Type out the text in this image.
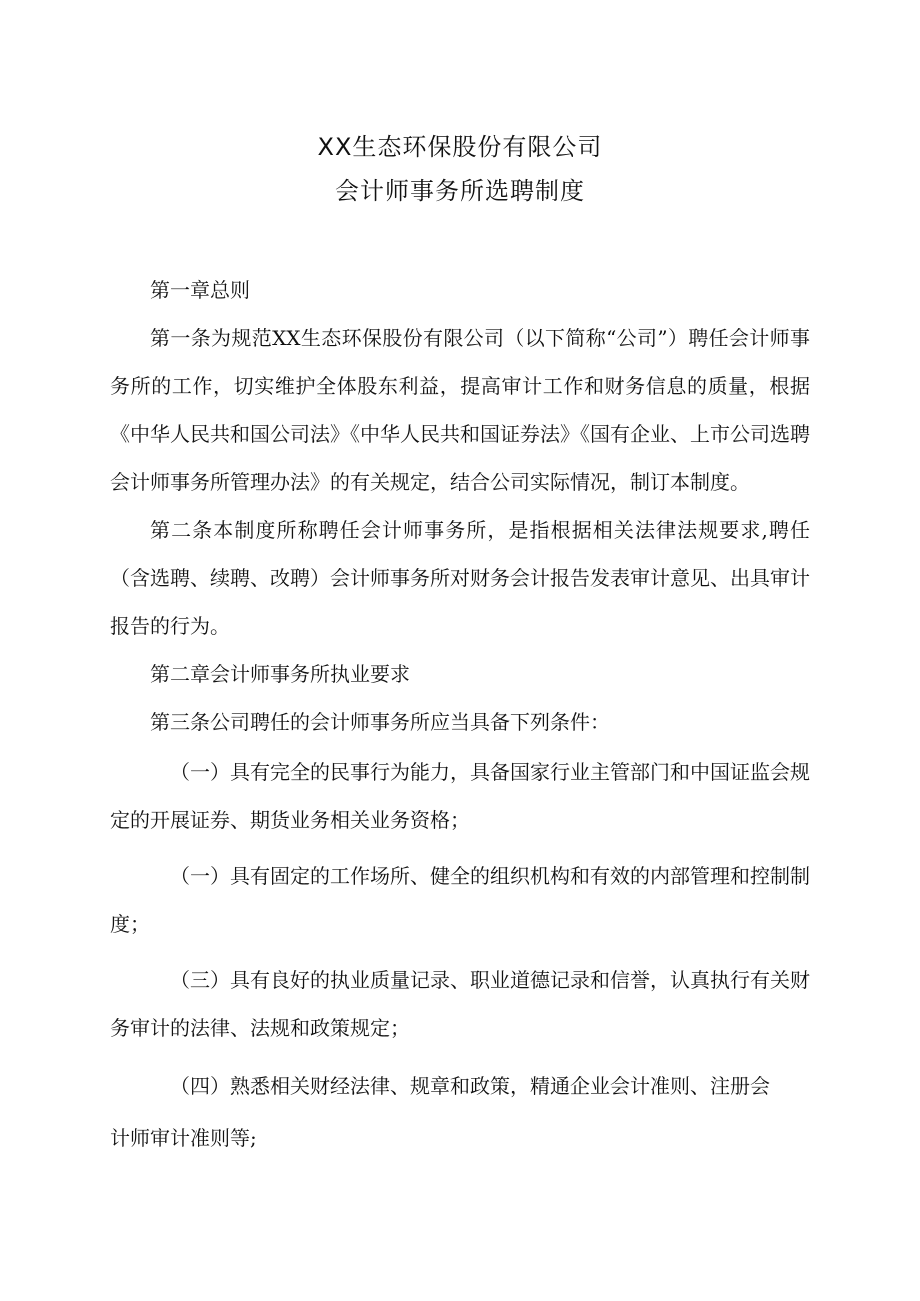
XX生态环保股份有限公司
会计师事务所选聘制度
第一章总则
第一条为规范XX生态环保股份有限公司（以下简称“公司”）聘任会计师事务所的工作，切实维护全体股东利益，提高审计工作和财务信息的质量，根据《中华人民共和国公司法》《中华人民共和国证券法》《国有企业、上市公司选聘会计师事务所管理办法》的有关规定，结合公司实际情况，制订本制度。
第二条本制度所称聘任会计师事务所，是指根据相关法律法规要求,聘任（含选聘、续聘、改聘）会计师事务所对财务会计报告发表审计意见、出具审计报告的行为。
第二章会计师事务所执业要求
第三条公司聘任的会计师事务所应当具备下列条件：
（一）具有完全的民事行为能力，具备国家行业主管部门和中国证监会规定的开展证券、期货业务相关业务资格；
（一）具有固定的工作场所、健全的组织机构和有效的内部管理和控制制度；
（三）具有良好的执业质量记录、职业道德记录和信誉，认真执行有关财务审计的法律、法规和政策规定；
（四）熟悉相关财经法律、规章和政策，精通企业会计准则、注册会
计师审计准则等;
